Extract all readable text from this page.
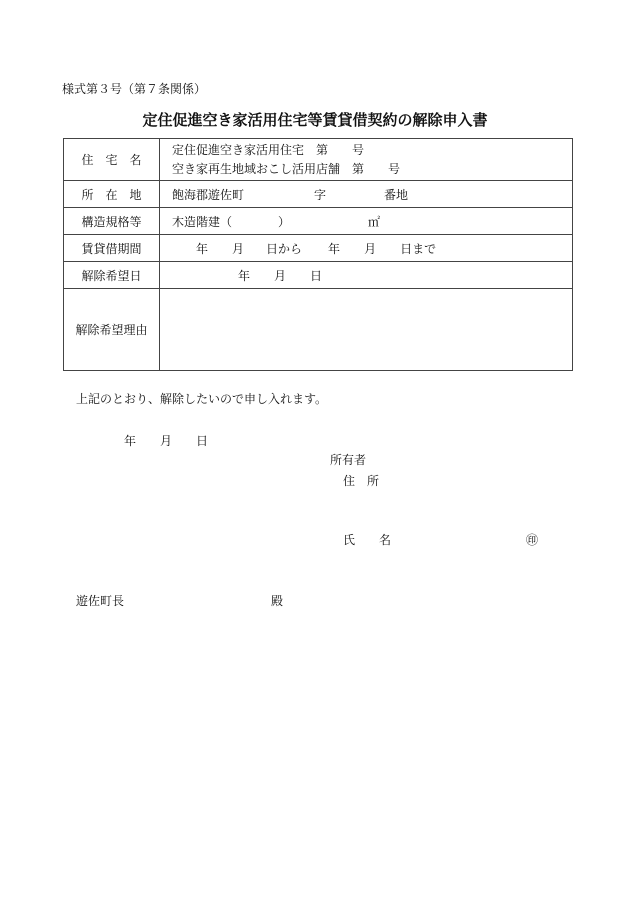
様式第３号（第７条関係）
定住促進空き家活用住宅等賃貸借契約の解除申入書
住　宅　名	定住促進空き家活用住宅 第 号
空き家再生地域おこし活用店舗 第 号

所　在　地	飽海郡遊佐町 字 番地
構造規格等	木造階建（ ） ㎡
賃貸借期間	年 月 日から 年 月 日まで
解除希望日	年 月 日
解除希望理由	
上記のとおり、解除したいので申し入れます。
年 月 日
所有者
住　所
氏　　名	㊞
遊佐町長	殿
